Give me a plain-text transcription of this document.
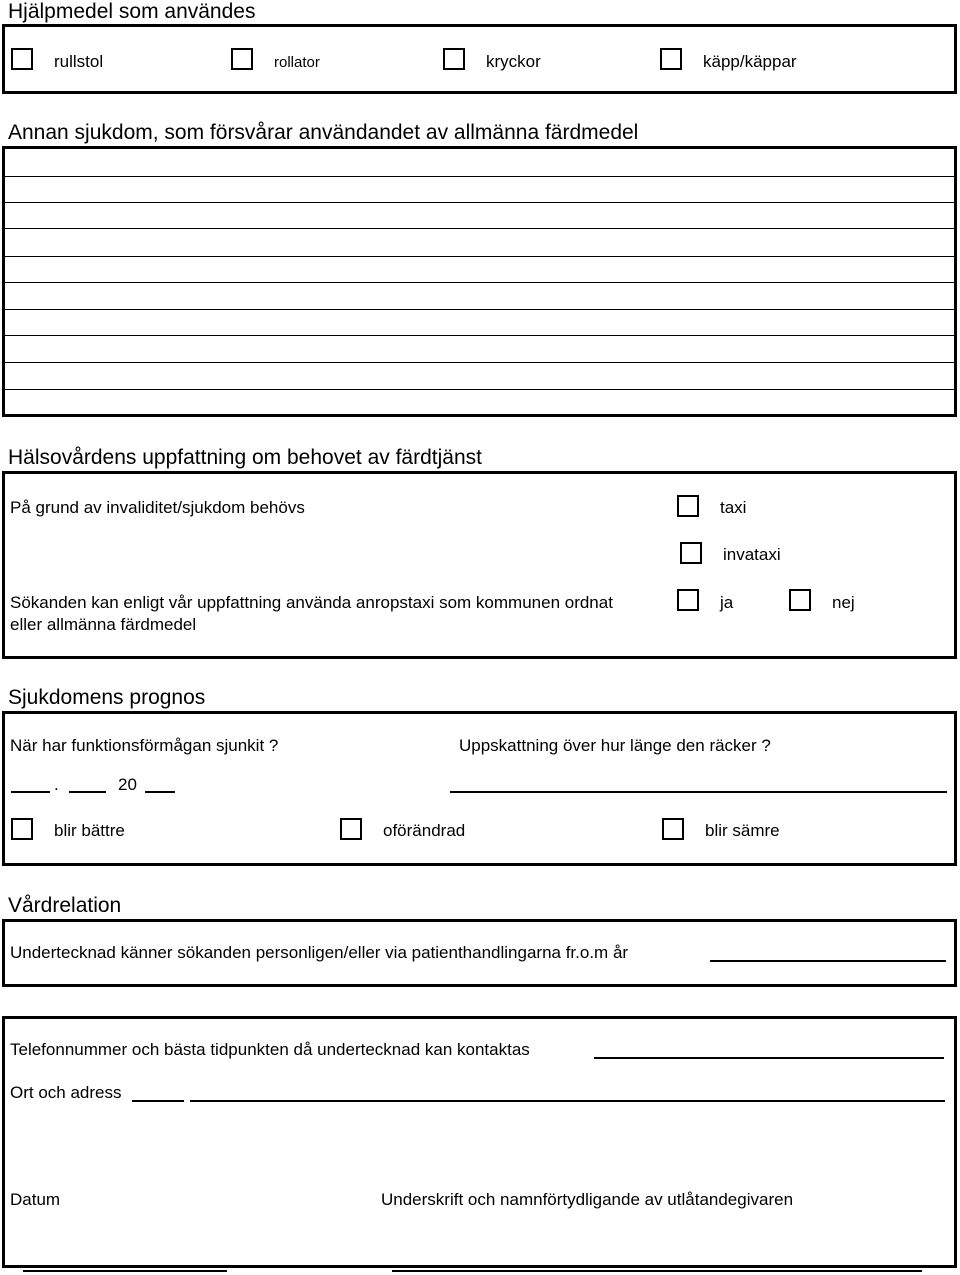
Hjälpmedel som användes
rullstol	rollator	kryckor	käpp/käppar
Annan sjukdom, som försvårar användandet av allmänna färdmedel
Hälsovårdens uppfattning om behovet av färdtjänst
På grund av invaliditet/sjukdom behövs	taxi
invataxi
Sökanden kan enligt vår uppfattning använda anropstaxi som kommunen ordnat
eller allmänna färdmedel
ja	nej
Sjukdomens prognos
När har funktionsförmågan sjunkit ?	Uppskattning över hur länge den räcker ?
.	20
blir bättre	oförändrad	blir sämre
Vårdrelation
Undertecknad känner sökanden personligen/eller via patienthandlingarna fr.o.m år
Telefonnummer och bästa tidpunkten då undertecknad kan kontaktas
Ort och adress
Datum	Underskrift och namnförtydligande av utlåtandegivaren
